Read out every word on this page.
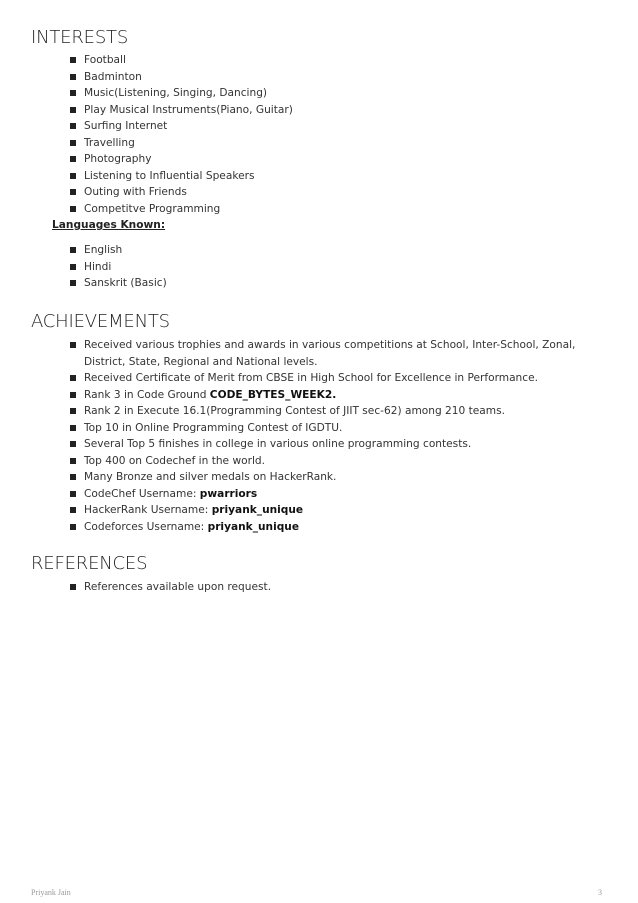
INTERESTS
Football
Badminton
Music(Listening, Singing, Dancing)
Play Musical Instruments(Piano, Guitar)
Surfing Internet
Travelling
Photography
Listening to Influential Speakers
Outing with Friends
Competitve Programming
Languages Known:
English
Hindi
Sanskrit (Basic)
ACHIEVEMENTS
Received various trophies and awards in various competitions at School, Inter-School, Zonal, District, State, Regional and National levels.
Received Certificate of Merit from CBSE in High School for Excellence in Performance.
Rank 3 in Code Ground CODE_BYTES_WEEK2.
Rank 2 in Execute 16.1(Programming Contest of JIIT sec-62) among 210 teams.
Top 10 in Online Programming Contest of IGDTU.
Several Top 5 finishes in college in various online programming contests.
Top 400 on Codechef in the world.
Many Bronze and silver medals on HackerRank.
CodeChef Username: pwarriors
HackerRank Username: priyank_unique
Codeforces Username: priyank_unique
REFERENCES
References available upon request.
Priyank Jain	3
